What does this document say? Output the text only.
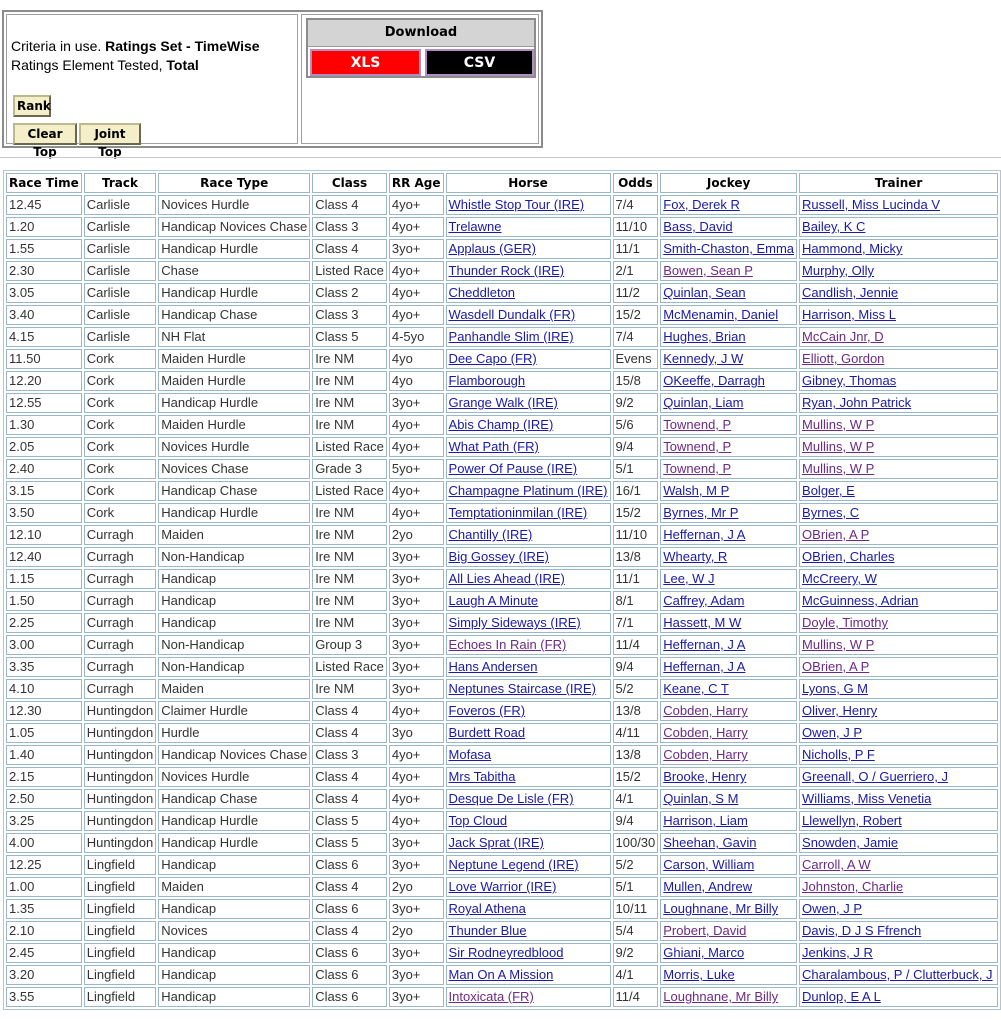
Criteria in use. Ratings Set - TimeWise
Ratings Element Tested, Total
Rank
Clear Top
Joint Top
Download
XLS	CSV
Race Time	Track	Race Type	Class	RR Age	Horse	Odds	Jockey	Trainer
12.45	Carlisle	Novices Hurdle	Class 4	4yo+	Whistle Stop Tour (IRE)	7/4	Fox, Derek R	Russell, Miss Lucinda V
1.20	Carlisle	Handicap Novices Chase	Class 3	4yo+	Trelawne	11/10	Bass, David	Bailey, K C
1.55	Carlisle	Handicap Hurdle	Class 4	3yo+	Applaus (GER)	11/1	Smith-Chaston, Emma	Hammond, Micky
2.30	Carlisle	Chase	Listed Race	4yo+	Thunder Rock (IRE)	2/1	Bowen, Sean P	Murphy, Olly
3.05	Carlisle	Handicap Hurdle	Class 2	4yo+	Cheddleton	11/2	Quinlan, Sean	Candlish, Jennie
3.40	Carlisle	Handicap Chase	Class 3	4yo+	Wasdell Dundalk (FR)	15/2	McMenamin, Daniel	Harrison, Miss L
4.15	Carlisle	NH Flat	Class 5	4-5yo	Panhandle Slim (IRE)	7/4	Hughes, Brian	McCain Jnr, D
11.50	Cork	Maiden Hurdle	Ire NM	4yo	Dee Capo (FR)	Evens	Kennedy, J W	Elliott, Gordon
12.20	Cork	Maiden Hurdle	Ire NM	4yo	Flamborough	15/8	OKeeffe, Darragh	Gibney, Thomas
12.55	Cork	Handicap Hurdle	Ire NM	3yo+	Grange Walk (IRE)	9/2	Quinlan, Liam	Ryan, John Patrick
1.30	Cork	Maiden Hurdle	Ire NM	4yo+	Abis Champ (IRE)	5/6	Townend, P	Mullins, W P
2.05	Cork	Novices Hurdle	Listed Race	4yo+	What Path (FR)	9/4	Townend, P	Mullins, W P
2.40	Cork	Novices Chase	Grade 3	5yo+	Power Of Pause (IRE)	5/1	Townend, P	Mullins, W P
3.15	Cork	Handicap Chase	Listed Race	4yo+	Champagne Platinum (IRE)	16/1	Walsh, M P	Bolger, E
3.50	Cork	Handicap Hurdle	Ire NM	4yo+	Temptationinmilan (IRE)	15/2	Byrnes, Mr P	Byrnes, C
12.10	Curragh	Maiden	Ire NM	2yo	Chantilly (IRE)	11/10	Heffernan, J A	OBrien, A P
12.40	Curragh	Non-Handicap	Ire NM	3yo+	Big Gossey (IRE)	13/8	Whearty, R	OBrien, Charles
1.15	Curragh	Handicap	Ire NM	3yo+	All Lies Ahead (IRE)	11/1	Lee, W J	McCreery, W
1.50	Curragh	Handicap	Ire NM	3yo+	Laugh A Minute	8/1	Caffrey, Adam	McGuinness, Adrian
2.25	Curragh	Handicap	Ire NM	3yo+	Simply Sideways (IRE)	7/1	Hassett, M W	Doyle, Timothy
3.00	Curragh	Non-Handicap	Group 3	3yo+	Echoes In Rain (FR)	11/4	Heffernan, J A	Mullins, W P
3.35	Curragh	Non-Handicap	Listed Race	3yo+	Hans Andersen	9/4	Heffernan, J A	OBrien, A P
4.10	Curragh	Maiden	Ire NM	3yo+	Neptunes Staircase (IRE)	5/2	Keane, C T	Lyons, G M
12.30	Huntingdon	Claimer Hurdle	Class 4	4yo+	Foveros (FR)	13/8	Cobden, Harry	Oliver, Henry
1.05	Huntingdon	Hurdle	Class 4	3yo	Burdett Road	4/11	Cobden, Harry	Owen, J P
1.40	Huntingdon	Handicap Novices Chase	Class 3	4yo+	Mofasa	13/8	Cobden, Harry	Nicholls, P F
2.15	Huntingdon	Novices Hurdle	Class 4	4yo+	Mrs Tabitha	15/2	Brooke, Henry	Greenall, O / Guerriero, J
2.50	Huntingdon	Handicap Chase	Class 4	4yo+	Desque De Lisle (FR)	4/1	Quinlan, S M	Williams, Miss Venetia
3.25	Huntingdon	Handicap Hurdle	Class 5	4yo+	Top Cloud	9/4	Harrison, Liam	Llewellyn, Robert
4.00	Huntingdon	Handicap Hurdle	Class 5	3yo+	Jack Sprat (IRE)	100/30	Sheehan, Gavin	Snowden, Jamie
12.25	Lingfield	Handicap	Class 6	3yo+	Neptune Legend (IRE)	5/2	Carson, William	Carroll, A W
1.00	Lingfield	Maiden	Class 4	2yo	Love Warrior (IRE)	5/1	Mullen, Andrew	Johnston, Charlie
1.35	Lingfield	Handicap	Class 6	3yo+	Royal Athena	10/11	Loughnane, Mr Billy	Owen, J P
2.10	Lingfield	Novices	Class 4	2yo	Thunder Blue	5/4	Probert, David	Davis, D J S Ffrench
2.45	Lingfield	Handicap	Class 6	3yo+	Sir Rodneyredblood	9/2	Ghiani, Marco	Jenkins, J R
3.20	Lingfield	Handicap	Class 6	3yo+	Man On A Mission	4/1	Morris, Luke	Charalambous, P / Clutterbuck, J
3.55	Lingfield	Handicap	Class 6	3yo+	Intoxicata (FR)	11/4	Loughnane, Mr Billy	Dunlop, E A L
